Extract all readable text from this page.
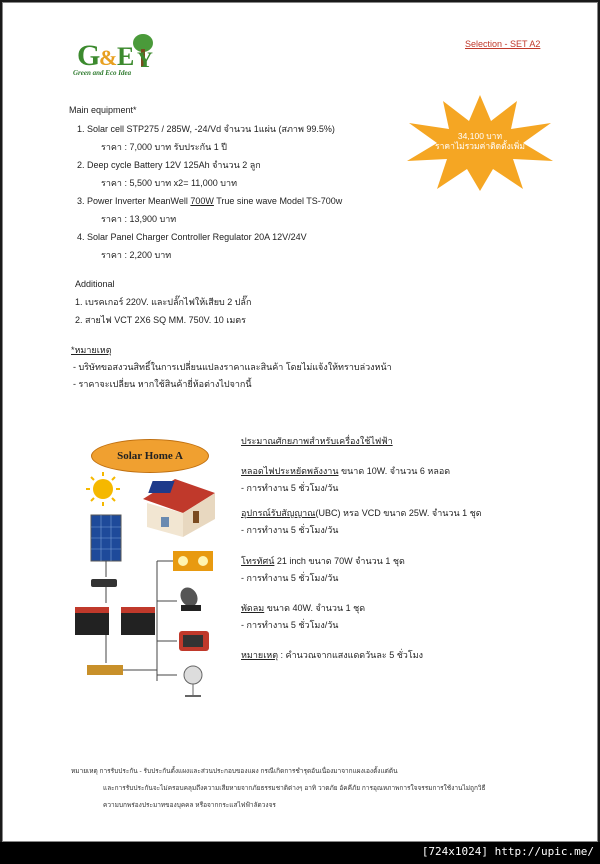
G
& E Y
Green and Eco Idea
Selection - SET A2
Main equipment*
1. Solar cell STP275 / 285W, -24/Vd จำนวน 1แผ่น (สภาพ 99.5%)
ราคา : 7,000 บาท รับประกัน 1 ปี
2. Deep cycle Battery 12V 125Ah จำนวน 2 ลูก
ราคา : 5,500 บาท x2= 11,000 บาท
3. Power Inverter MeanWell 700W True sine wave Model TS-700w
ราคา : 13,900 บาท
4. Solar Panel Charger Controller Regulator 20A 12V/24V
ราคา : 2,200 บาท
34,100 บาท
ราคาไม่รวมค่าติดตั้งเพิ่ม
Additional
1. เบรคเกอร์ 220V. และปลั๊กไฟให้เสียบ 2 ปลั๊ก
2. สายไฟ VCT 2X6 SQ MM. 750V. 10 เมตร
*หมายเหตุ
- บริษัทขอสงวนสิทธิ์ในการเปลี่ยนแปลงราคาและสินค้า โดยไม่แจ้งให้ทราบล่วงหน้า
- ราคาจะเปลี่ยน หากใช้สินค้ายี่ห้อต่างไปจากนี้
Solar Home A
ประมาณศักยภาพสำหรับเครื่องใช้ไฟฟ้า
หลอดไฟประหยัดพลังงาน ขนาด 10W. จำนวน 6 หลอด
- การทำงาน 5 ชั่วโมง/วัน
อุปกรณ์รับสัญญาณ(UBC) หรอ VCD ขนาด 25W. จำนวน 1 ชุด
- การทำงาน 5 ชั่วโมง/วัน
โทรทัศน์ 21 inch ขนาด 70W จำนวน 1 ชุด
- การทำงาน 5 ชั่วโมง/วัน
พัดลม ขนาด 40W. จำนวน 1 ชุด
- การทำงาน 5 ชั่วโมง/วัน
หมายเหตุ : คำนวณจากแสงแดดวันละ 5 ชั่วโมง
หมายเหตุ การรับประกัน - รับประกันตั้งแผงและส่วนประกอบของแผง กรณีเกิดการชำรุดอันเนื่องมาจากแผงเองตั้งแต่ต้น
และการรับประกันจะไม่ครอบคลุมถึงความเสียหายจากภัยธรรมชาติต่างๆ อาทิ วาตภัย อัคคีภัย การอุณหภาพการใจจรรมการใช้งานไม่ถูกวิธี
ความบกพร่องประมาทของบุคคล หรือจากกระแสไฟฟ้าลัดวงจร
[724x1024] http://upic.me/
